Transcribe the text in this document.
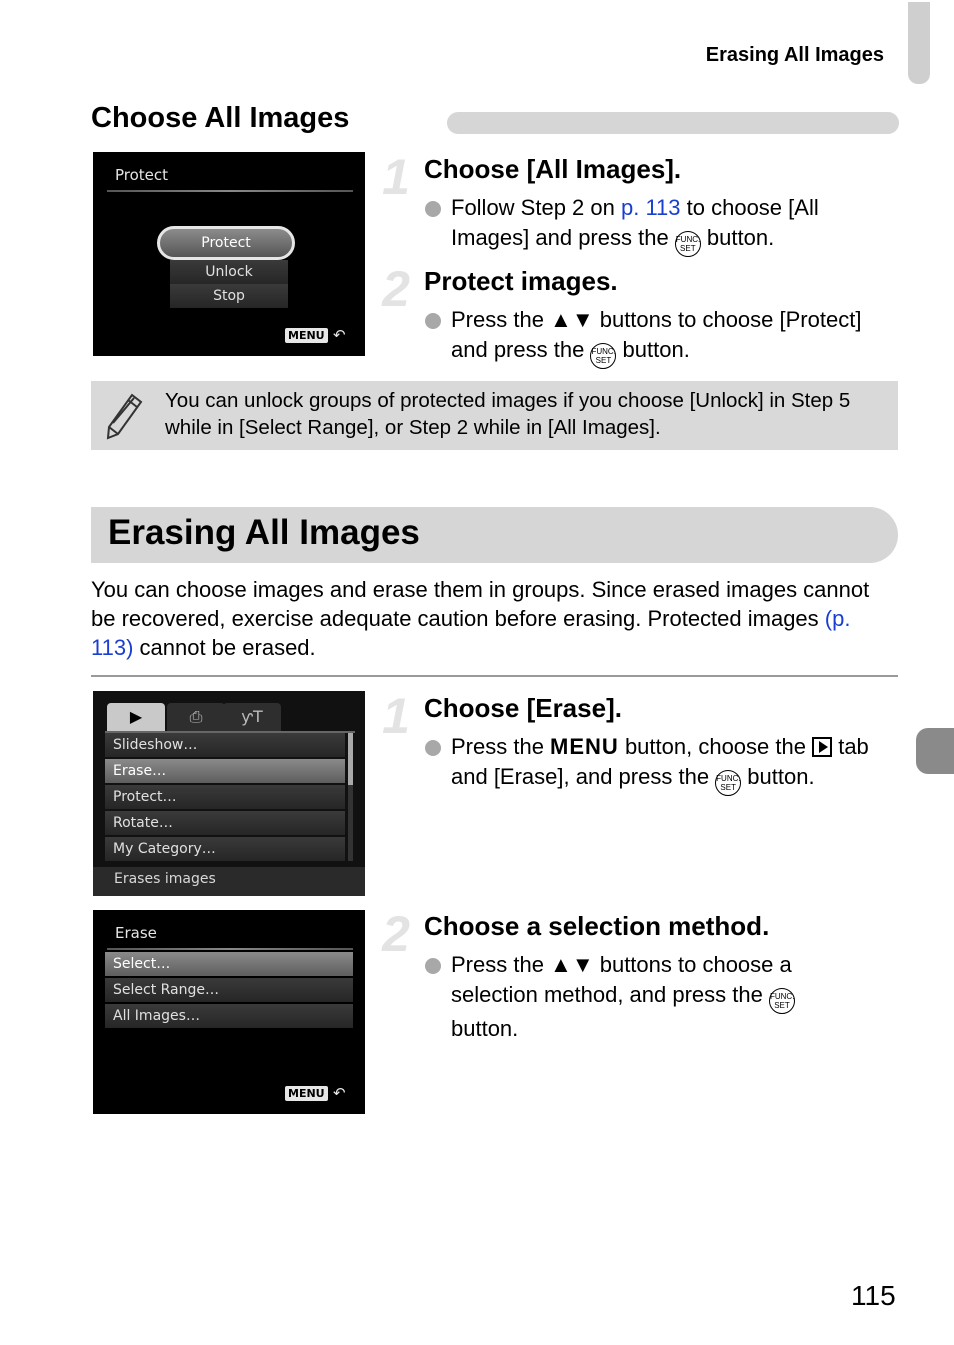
Erasing All Images
Choose All Images
Protect
Protect
Unlock
Stop
MENU ↶
1 Choose [All Images].
Follow Step 2 on p. 113 to choose [All Images] and press the FUNC.
SET button.
2 Protect images.
Press the ▲▼ buttons to choose [Protect] and press the FUNC.
SET button.
You can unlock groups of protected images if you choose [Unlock] in Step 5 while in [Select Range], or Step 2 while in [All Images].
Erasing All Images
You can choose images and erase them in groups. Since erased images cannot be recovered, exercise adequate caution before erasing. Protected images (p. 113) cannot be erased.
▶	⎙	ƴT
Slideshow…
Erase…
Protect…
Rotate…
My Category…
Erases images
1 Choose [Erase].
Press the MENU button, choose the  tab and [Erase], and press the FUNC.
SET button.
Erase
Select…
Select Range…
All Images…
MENU ↶
2 Choose a selection method.
Press the ▲▼ buttons to choose a selection method, and press the FUNC.
SET
button.
115
